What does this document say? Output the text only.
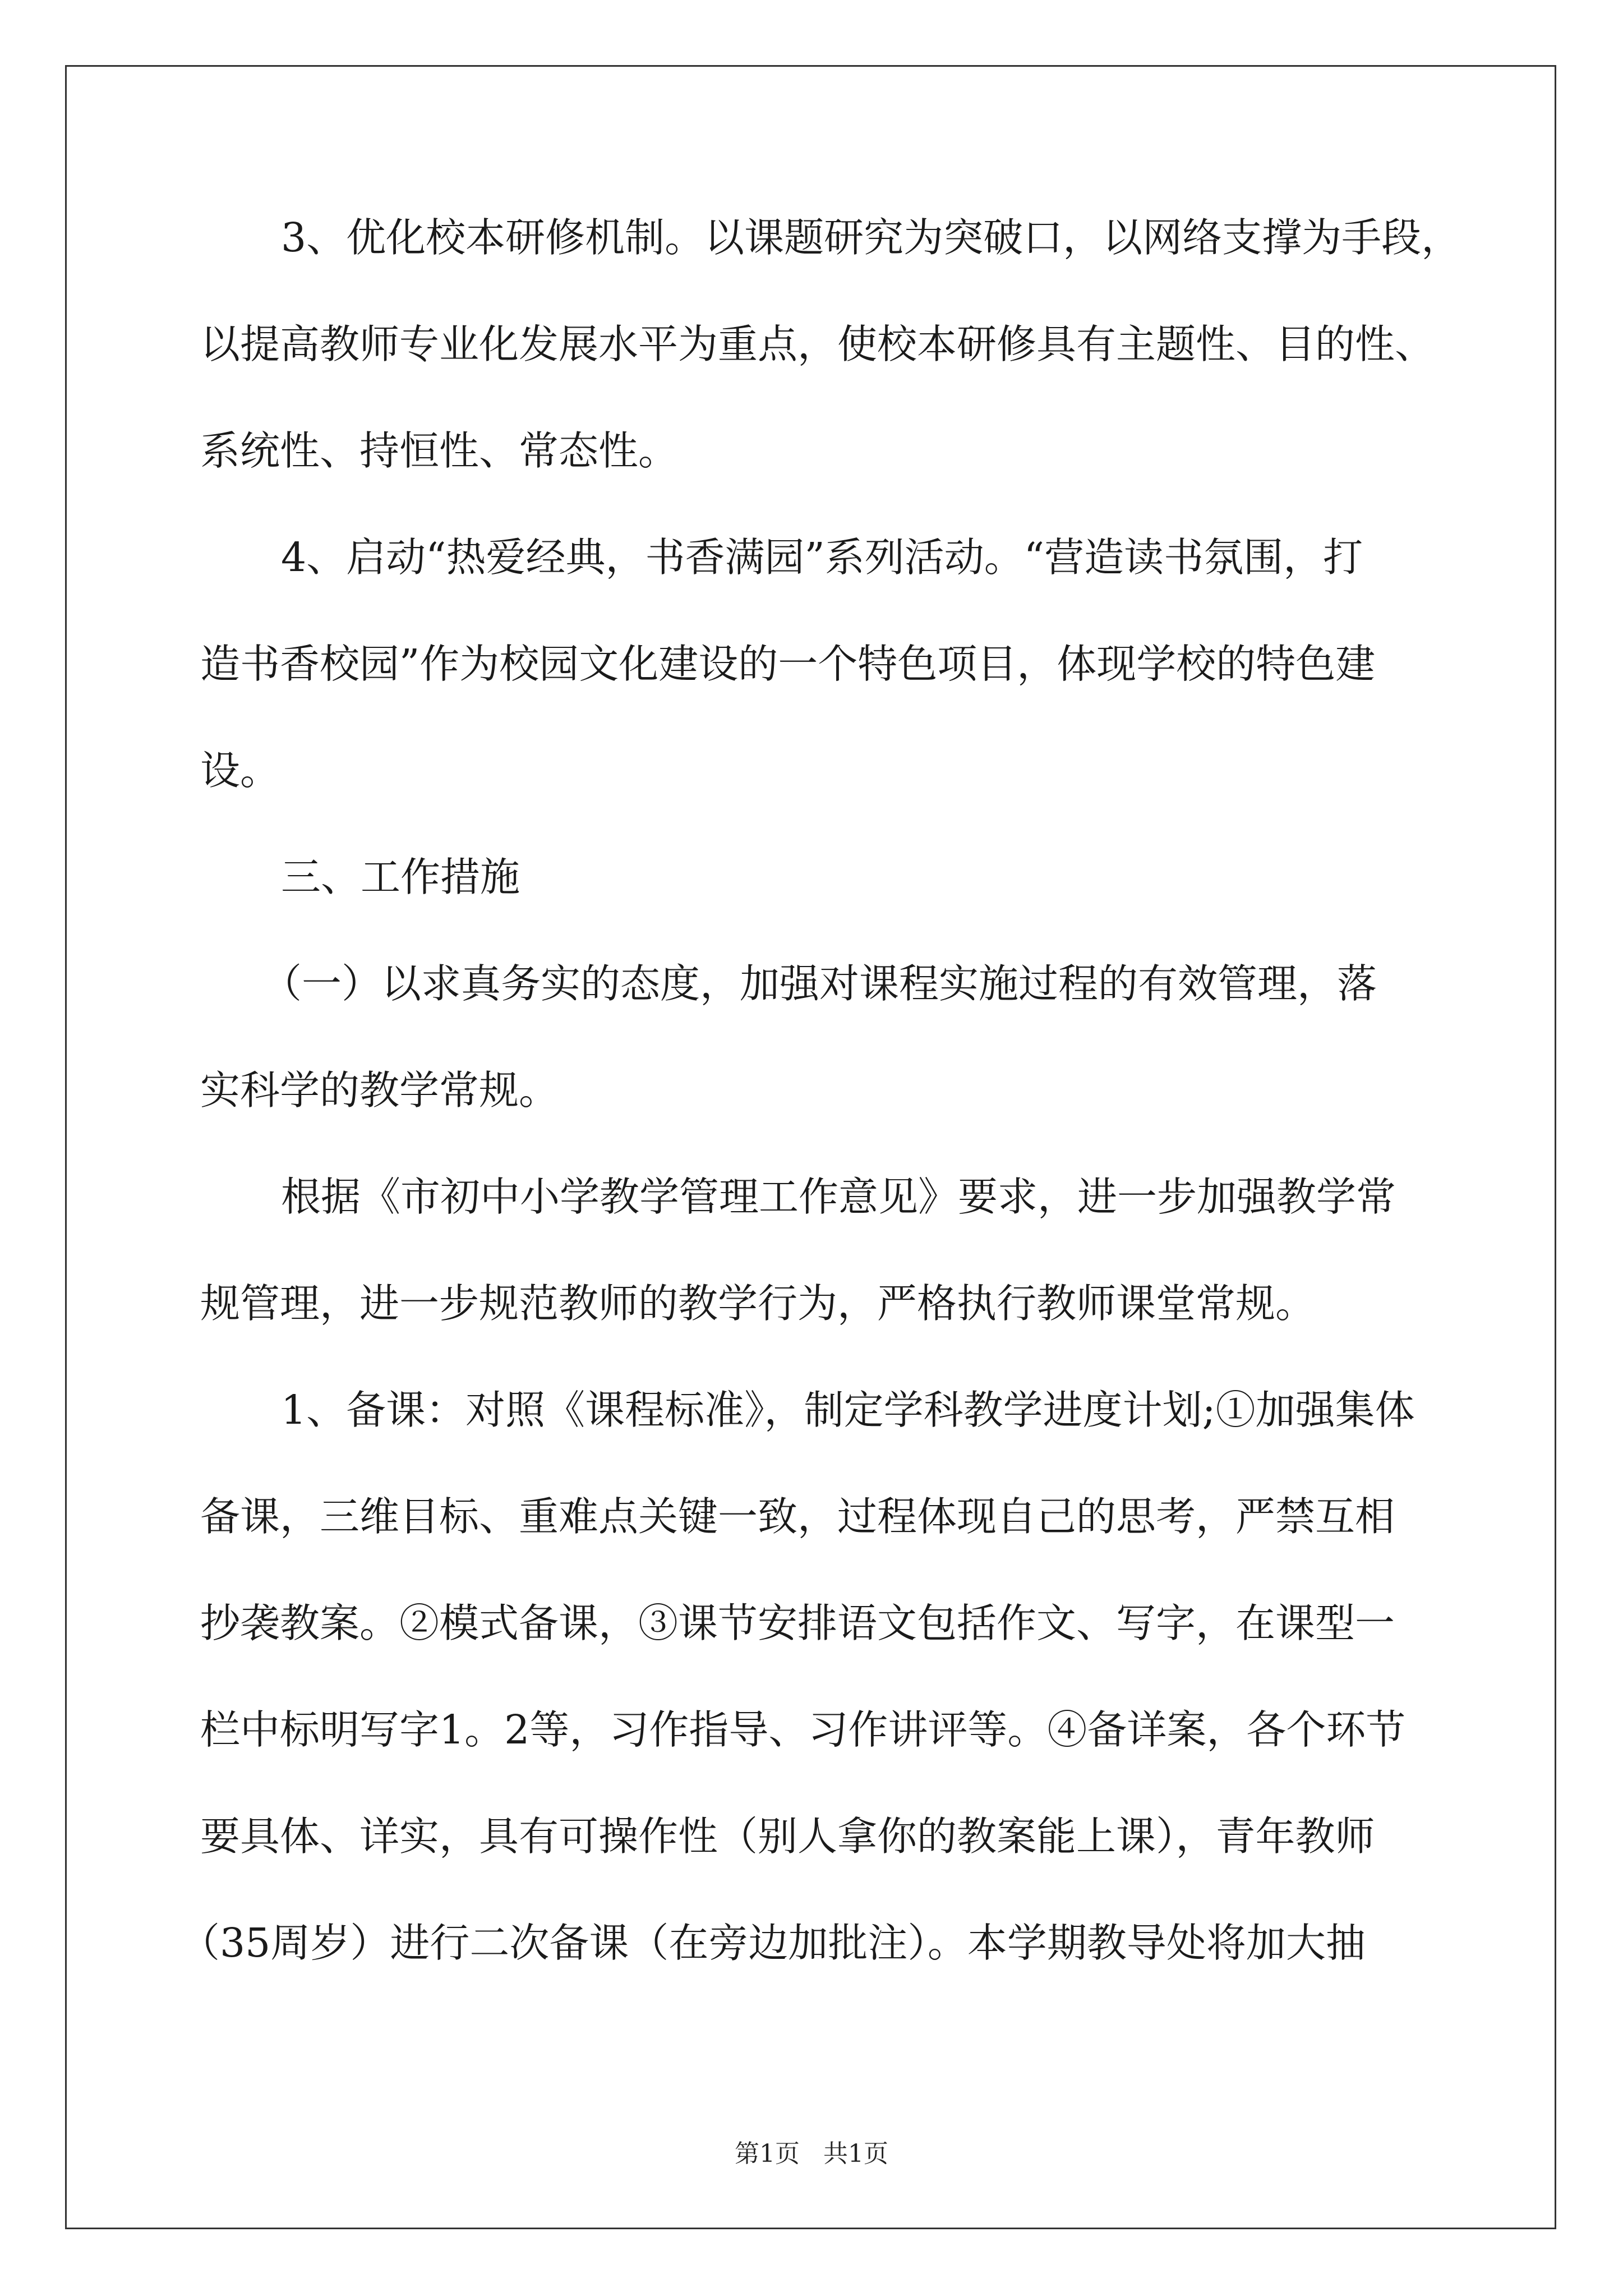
3、优化校本研修机制。以课题研究为突破口，以网络支撑为手段，
以提高教师专业化发展水平为重点，使校本研修具有主题性、目的性、
系统性、持恒性、常态性。
4、启动“热爱经典，书香满园”系列活动。“营造读书氛围，打
造书香校园”作为校园文化建设的一个特色项目，体现学校的特色建
设。
三、工作措施
（一）以求真务实的态度，加强对课程实施过程的有效管理，落
实科学的教学常规。
根据《市初中小学教学管理工作意见》要求，进一步加强教学常
规管理，进一步规范教师的教学行为，严格执行教师课堂常规。
1、备课：对照《课程标准》，制定学科教学进度计划;①加强集体
备课，三维目标、重难点关键一致，过程体现自己的思考，严禁互相
抄袭教案。②模式备课，③课节安排语文包括作文、写字，在课型一
栏中标明写字1。2等，习作指导、习作讲评等。④备详案，各个环节
要具体、详实，具有可操作性（别人拿你的教案能上课），青年教师
（35周岁）进行二次备课（在旁边加批注）。本学期教导处将加大抽
第1页 共1页
